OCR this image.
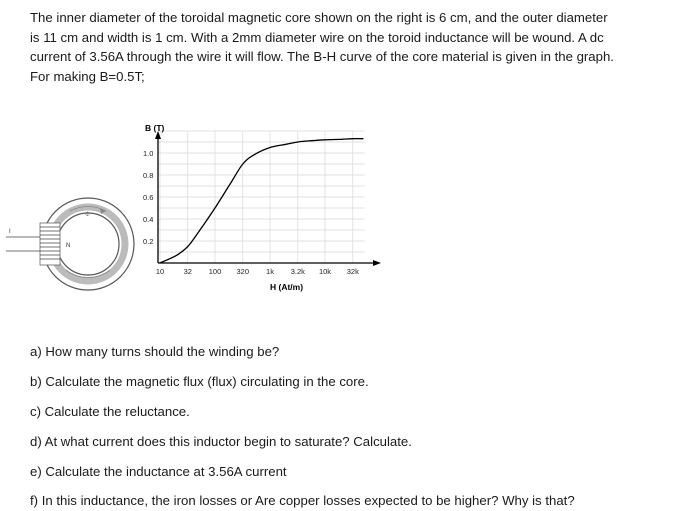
The inner diameter of the toroidal magnetic core shown on the right is 6 cm, and the outer diameter
is 11 cm and width is 1 cm. With a 2mm diameter wire on the toroid inductance will be wound. A dc
current of 3.56A through the wire it will flow. The B-H curve of the core material is given in the graph.
For making B=0.5T;

I
N
Φ
B (T)
H (At/m)
1.0
0.8
0.6
0.4
0.2
10	32 100 320 1k 3.2k 10k 32k

a) How many turns should the winding be?

b) Calculate the magnetic flux (flux) circulating in the core.

c) Calculate the reluctance.

d) At what current does this inductor begin to saturate? Calculate.

e) Calculate the inductance at 3.56A current

f) In this inductance, the iron losses or Are copper losses expected to be higher? Why is that?
